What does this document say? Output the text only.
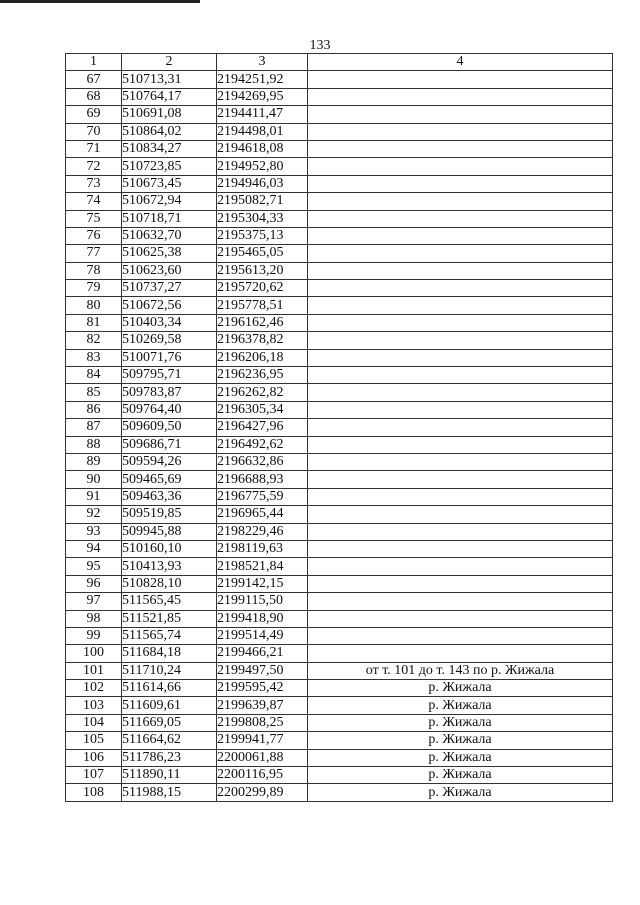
133
1	2	3	4
67	510713,31	2194251,92	
68	510764,17	2194269,95	
69	510691,08	2194411,47	
70	510864,02	2194498,01	
71	510834,27	2194618,08	
72	510723,85	2194952,80	
73	510673,45	2194946,03	
74	510672,94	2195082,71	
75	510718,71	2195304,33	
76	510632,70	2195375,13	
77	510625,38	2195465,05	
78	510623,60	2195613,20	
79	510737,27	2195720,62	
80	510672,56	2195778,51	
81	510403,34	2196162,46	
82	510269,58	2196378,82	
83	510071,76	2196206,18	
84	509795,71	2196236,95	
85	509783,87	2196262,82	
86	509764,40	2196305,34	
87	509609,50	2196427,96	
88	509686,71	2196492,62	
89	509594,26	2196632,86	
90	509465,69	2196688,93	
91	509463,36	2196775,59	
92	509519,85	2196965,44	
93	509945,88	2198229,46	
94	510160,10	2198119,63	
95	510413,93	2198521,84	
96	510828,10	2199142,15	
97	511565,45	2199115,50	
98	511521,85	2199418,90	
99	511565,74	2199514,49	
100	511684,18	2199466,21	
101	511710,24	2199497,50	от т. 101 до т. 143 по р. Жижала
102	511614,66	2199595,42	р. Жижала
103	511609,61	2199639,87	р. Жижала
104	511669,05	2199808,25	р. Жижала
105	511664,62	2199941,77	р. Жижала
106	511786,23	2200061,88	р. Жижала
107	511890,11	2200116,95	р. Жижала
108	511988,15	2200299,89	р. Жижала
